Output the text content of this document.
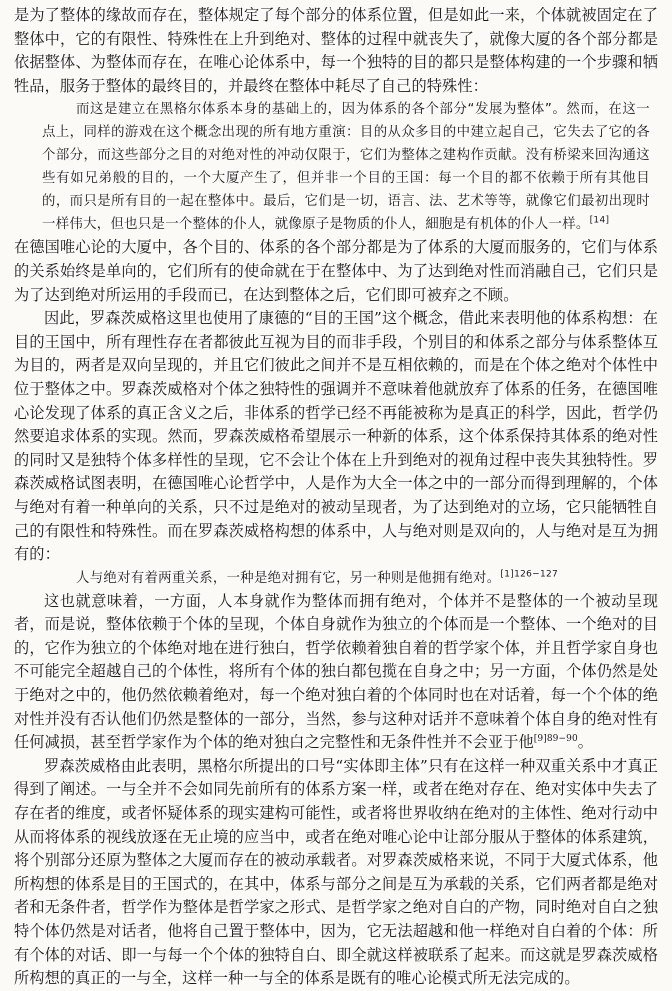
是为了整体的缘故而存在，整体规定了每个部分的体系位置，但是如此一来，个体就被固定在了整体中，它的有限性、特殊性在上升到绝对、整体的过程中就丧失了，就像大厦的各个部分都是依据整体、为整体而存在，在唯心论体系中，每一个独特的目的都只是整体构建的一个步骤和牺牲品，服务于整体的最终目的，并最终在整体中耗尽了自己的特殊性：

而这是建立在黑格尔体系本身的基础上的，因为体系的各个部分“发展为整体”。然而，在这一点上，同样的游戏在这个概念出现的所有地方重演：目的从众多目的中建立起自己，它失去了它的各个部分，而这些部分之目的对绝对性的冲动仅限于，它们为整体之建构作贡献。没有桥梁来回沟通这些有如兄弟般的目的，一个大厦产生了，但并非一个目的王国：每一个目的都不依赖于所有其他目的，而只是所有目的一起在整体中。最后，它们是一切，语言、法、艺术等等，就像它们最初出现时一样伟大，但也只是一个整体的仆人，就像原子是物质的仆人，細胞是有机体的仆人一样。[14]

在德国唯心论的大厦中，各个目的、体系的各个部分都是为了体系的大厦而服务的，它们与体系的关系始终是单向的，它们所有的使命就在于在整体中、为了达到绝对性而消融自己，它们只是为了达到绝对所运用的手段而已，在达到整体之后，它们即可被弃之不顾。

因此，罗森茨威格这里也使用了康德的“目的王国”这个概念，借此来表明他的体系构想：在目的王国中，所有理性存在者都彼此互视为目的而非手段，个别目的和体系之部分与体系整体互为目的，两者是双向呈现的，并且它们彼此之间并不是互相依赖的，而是在个体之绝对个体性中位于整体之中。罗森茨威格对个体之独特性的强调并不意味着他就放弃了体系的任务，在德国唯心论发现了体系的真正含义之后，非体系的哲学已经不再能被称为是真正的科学，因此，哲学仍然要追求体系的实现。然而，罗森茨威格希望展示一种新的体系，这个体系保持其体系的绝对性的同时又是独特个体多样性的呈现，它不会让个体在上升到绝对的视角过程中丧失其独特性。罗森茨威格试图表明，在德国唯心论哲学中，人是作为大全一体之中的一部分而得到理解的，个体与绝对有着一种单向的关系，只不过是绝对的被动呈现者，为了达到绝对的立场，它只能牺牲自己的有限性和特殊性。而在罗森茨威格构想的体系中，人与绝对则是双向的，人与绝对是互为拥有的：

人与绝对有着两重关系，一种是绝对拥有它，另一种则是他拥有绝对。$^{[1]126-127}$

这也就意味着，一方面，人本身就作为整体而拥有绝对，个体并不是整体的一个被动呈现者，而是说，整体依赖于个体的呈现，个体自身就作为独立的个体而是一个整体、一个绝对的目的，它作为独立的个体绝对地在进行独白，哲学依赖着独自着的哲学家个体，并且哲学家自身也不可能完全超越自己的个体性，将所有个体的独白都包揽在自身之中；另一方面，个体仍然是处于绝对之中的，他仍然依赖着绝对，每一个绝对独白着的个体同时也在对话着，每一个个体的绝对性并没有否认他们仍然是整体的一部分，当然，参与这种对话并不意味着个体自身的绝对性有任何减损，甚至哲学家作为个体的绝对独白之完整性和无条件性并不会亚于他$^{[9]89-90}$。

罗森茨威格由此表明，黑格尔所提出的口号“实体即主体”只有在这样一种双重关系中才真正得到了阐述。一与全并不会如同先前所有的体系方案一样，或者在绝对存在、绝对实体中失去了存在者的维度，或者怀疑体系的现实建构可能性，或者将世界收纳在绝对的主体性、绝对行动中从而将体系的视线放逐在无止境的应当中，或者在绝对唯心论中让部分服从于整体的体系建筑，将个别部分还原为整体之大厦而存在的被动承载者。对罗森茨威格来说，不同于大厦式体系，他所构想的体系是目的王国式的，在其中，体系与部分之间是互为承载的关系，它们两者都是绝对者和无条件者，哲学作为整体是哲学家之形式、是哲学家之绝对自白的产物，同时绝对自白之独特个体仍然是对话者，他将自己置于整体中，因为，它无法超越和他一样绝对自白着的个体：所有个体的对话、即一与每一个个体的独特自白、即全就这样被联系了起来。而这就是罗森茨威格所构想的真正的一与全，这样一种一与全的体系是既有的唯心论模式所无法完成的。
